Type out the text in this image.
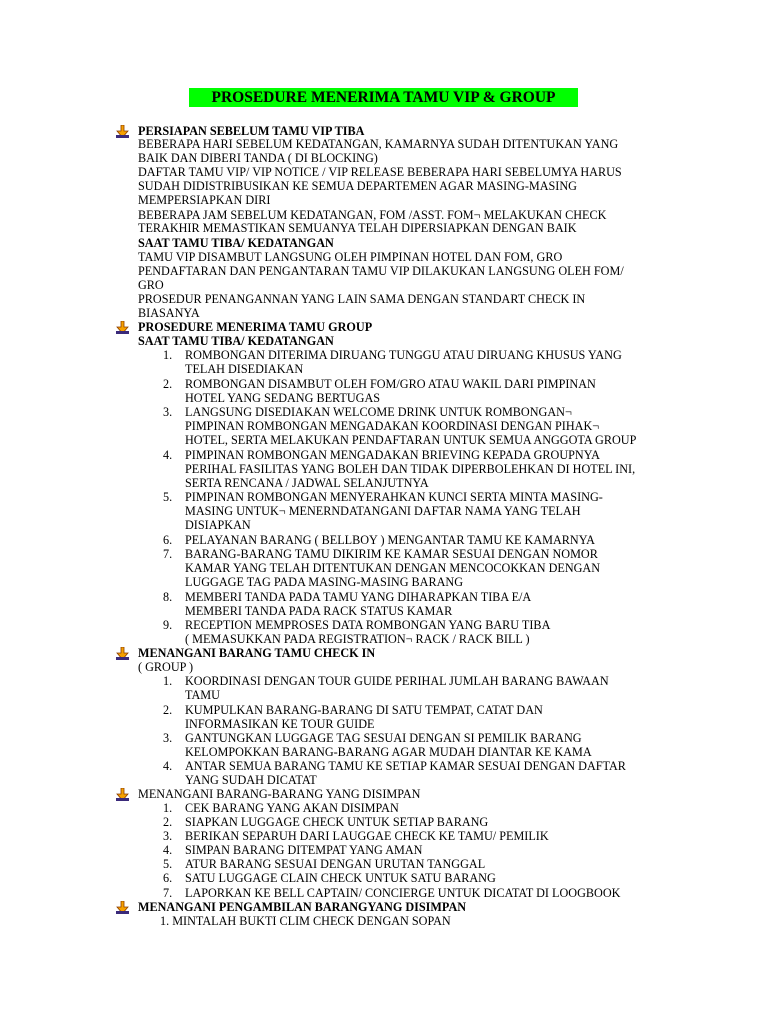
PROSEDURE MENERIMA TAMU VIP & GROUP
PERSIAPAN SEBELUM TAMU VIP TIBA
BEBERAPA HARI SEBELUM KEDATANGAN, KAMARNYA SUDAH DITENTUKAN YANG
BAIK DAN DIBERI TANDA ( DI BLOCKING)
DAFTAR TAMU VIP/ VIP NOTICE / VIP RELEASE BEBERAPA HARI SEBELUMYA HARUS
SUDAH DIDISTRIBUSIKAN KE SEMUA DEPARTEMEN AGAR MASING-MASING
MEMPERSIAPKAN DIRI
BEBERAPA JAM SEBELUM KEDATANGAN, FOM /ASST. FOM¬ MELAKUKAN CHECK
TERAKHIR MEMASTIKAN SEMUANYA TELAH DIPERSIAPKAN DENGAN BAIK
SAAT TAMU TIBA/ KEDATANGAN
TAMU VIP DISAMBUT LANGSUNG OLEH PIMPINAN HOTEL DAN FOM, GRO
PENDAFTARAN DAN PENGANTARAN TAMU VIP DILAKUKAN LANGSUNG OLEH FOM/
GRO
PROSEDUR PENANGANNAN YANG LAIN SAMA DENGAN STANDART CHECK IN
BIASANYA
PROSEDURE MENERIMA TAMU GROUP
SAAT TAMU TIBA/ KEDATANGAN
1. ROMBONGAN DITERIMA DIRUANG TUNGGU ATAU DIRUANG KHUSUS YANG
TELAH DISEDIAKAN
2. ROMBONGAN DISAMBUT OLEH FOM/GRO ATAU WAKIL DARI PIMPINAN
HOTEL YANG SEDANG BERTUGAS
3. LANGSUNG DISEDIAKAN WELCOME DRINK UNTUK ROMBONGAN¬
PIMPINAN ROMBONGAN MENGADAKAN KOORDINASI DENGAN PIHAK¬
HOTEL, SERTA MELAKUKAN PENDAFTARAN UNTUK SEMUA ANGGOTA GROUP
4. PIMPINAN ROMBONGAN MENGADAKAN BRIEVING KEPADA GROUPNYA
PERIHAL FASILITAS YANG BOLEH DAN TIDAK DIPERBOLEHKAN DI HOTEL INI,
SERTA RENCANA / JADWAL SELANJUTNYA
5. PIMPINAN ROMBONGAN MENYERAHKAN KUNCI SERTA MINTA MASING-
MASING UNTUK¬ MENERNDATANGANI DAFTAR NAMA YANG TELAH
DISIAPKAN
6. PELAYANAN BARANG ( BELLBOY ) MENGANTAR TAMU KE KAMARNYA
7. BARANG-BARANG TAMU DIKIRIM KE KAMAR SESUAI DENGAN NOMOR
KAMAR YANG TELAH DITENTUKAN DENGAN MENCOCOKKAN DENGAN
LUGGAGE TAG PADA MASING-MASING BARANG
8. MEMBERI TANDA PADA TAMU YANG DIHARAPKAN TIBA E/A
MEMBERI TANDA PADA RACK STATUS KAMAR
9. RECEPTION MEMPROSES DATA ROMBONGAN YANG BARU TIBA
( MEMASUKKAN PADA REGISTRATION¬ RACK / RACK BILL )
MENANGANI BARANG TAMU CHECK IN
( GROUP )
1. KOORDINASI DENGAN TOUR GUIDE PERIHAL JUMLAH BARANG BAWAAN
TAMU
2. KUMPULKAN BARANG-BARANG DI SATU TEMPAT, CATAT DAN
INFORMASIKAN KE TOUR GUIDE
3. GANTUNGKAN LUGGAGE TAG SESUAI DENGAN SI PEMILIK BARANG
KELOMPOKKAN BARANG-BARANG AGAR MUDAH DIANTAR KE KAMA
4. ANTAR SEMUA BARANG TAMU KE SETIAP KAMAR SESUAI DENGAN DAFTAR
YANG SUDAH DICATAT
MENANGANI BARANG-BARANG YANG DISIMPAN
1. CEK BARANG YANG AKAN DISIMPAN
2. SIAPKAN LUGGAGE CHECK UNTUK SETIAP BARANG
3. BERIKAN SEPARUH DARI LAUGGAE CHECK KE TAMU/ PEMILIK
4. SIMPAN BARANG DITEMPAT YANG AMAN
5. ATUR BARANG SESUAI DENGAN URUTAN TANGGAL
6. SATU LUGGAGE CLAIN CHECK UNTUK SATU BARANG
7. LAPORKAN KE BELL CAPTAIN/ CONCIERGE UNTUK DICATAT DI LOOGBOOK
MENANGANI PENGAMBILAN BARANGYANG DISIMPAN
1. MINTALAH BUKTI CLIM CHECK DENGAN SOPAN
